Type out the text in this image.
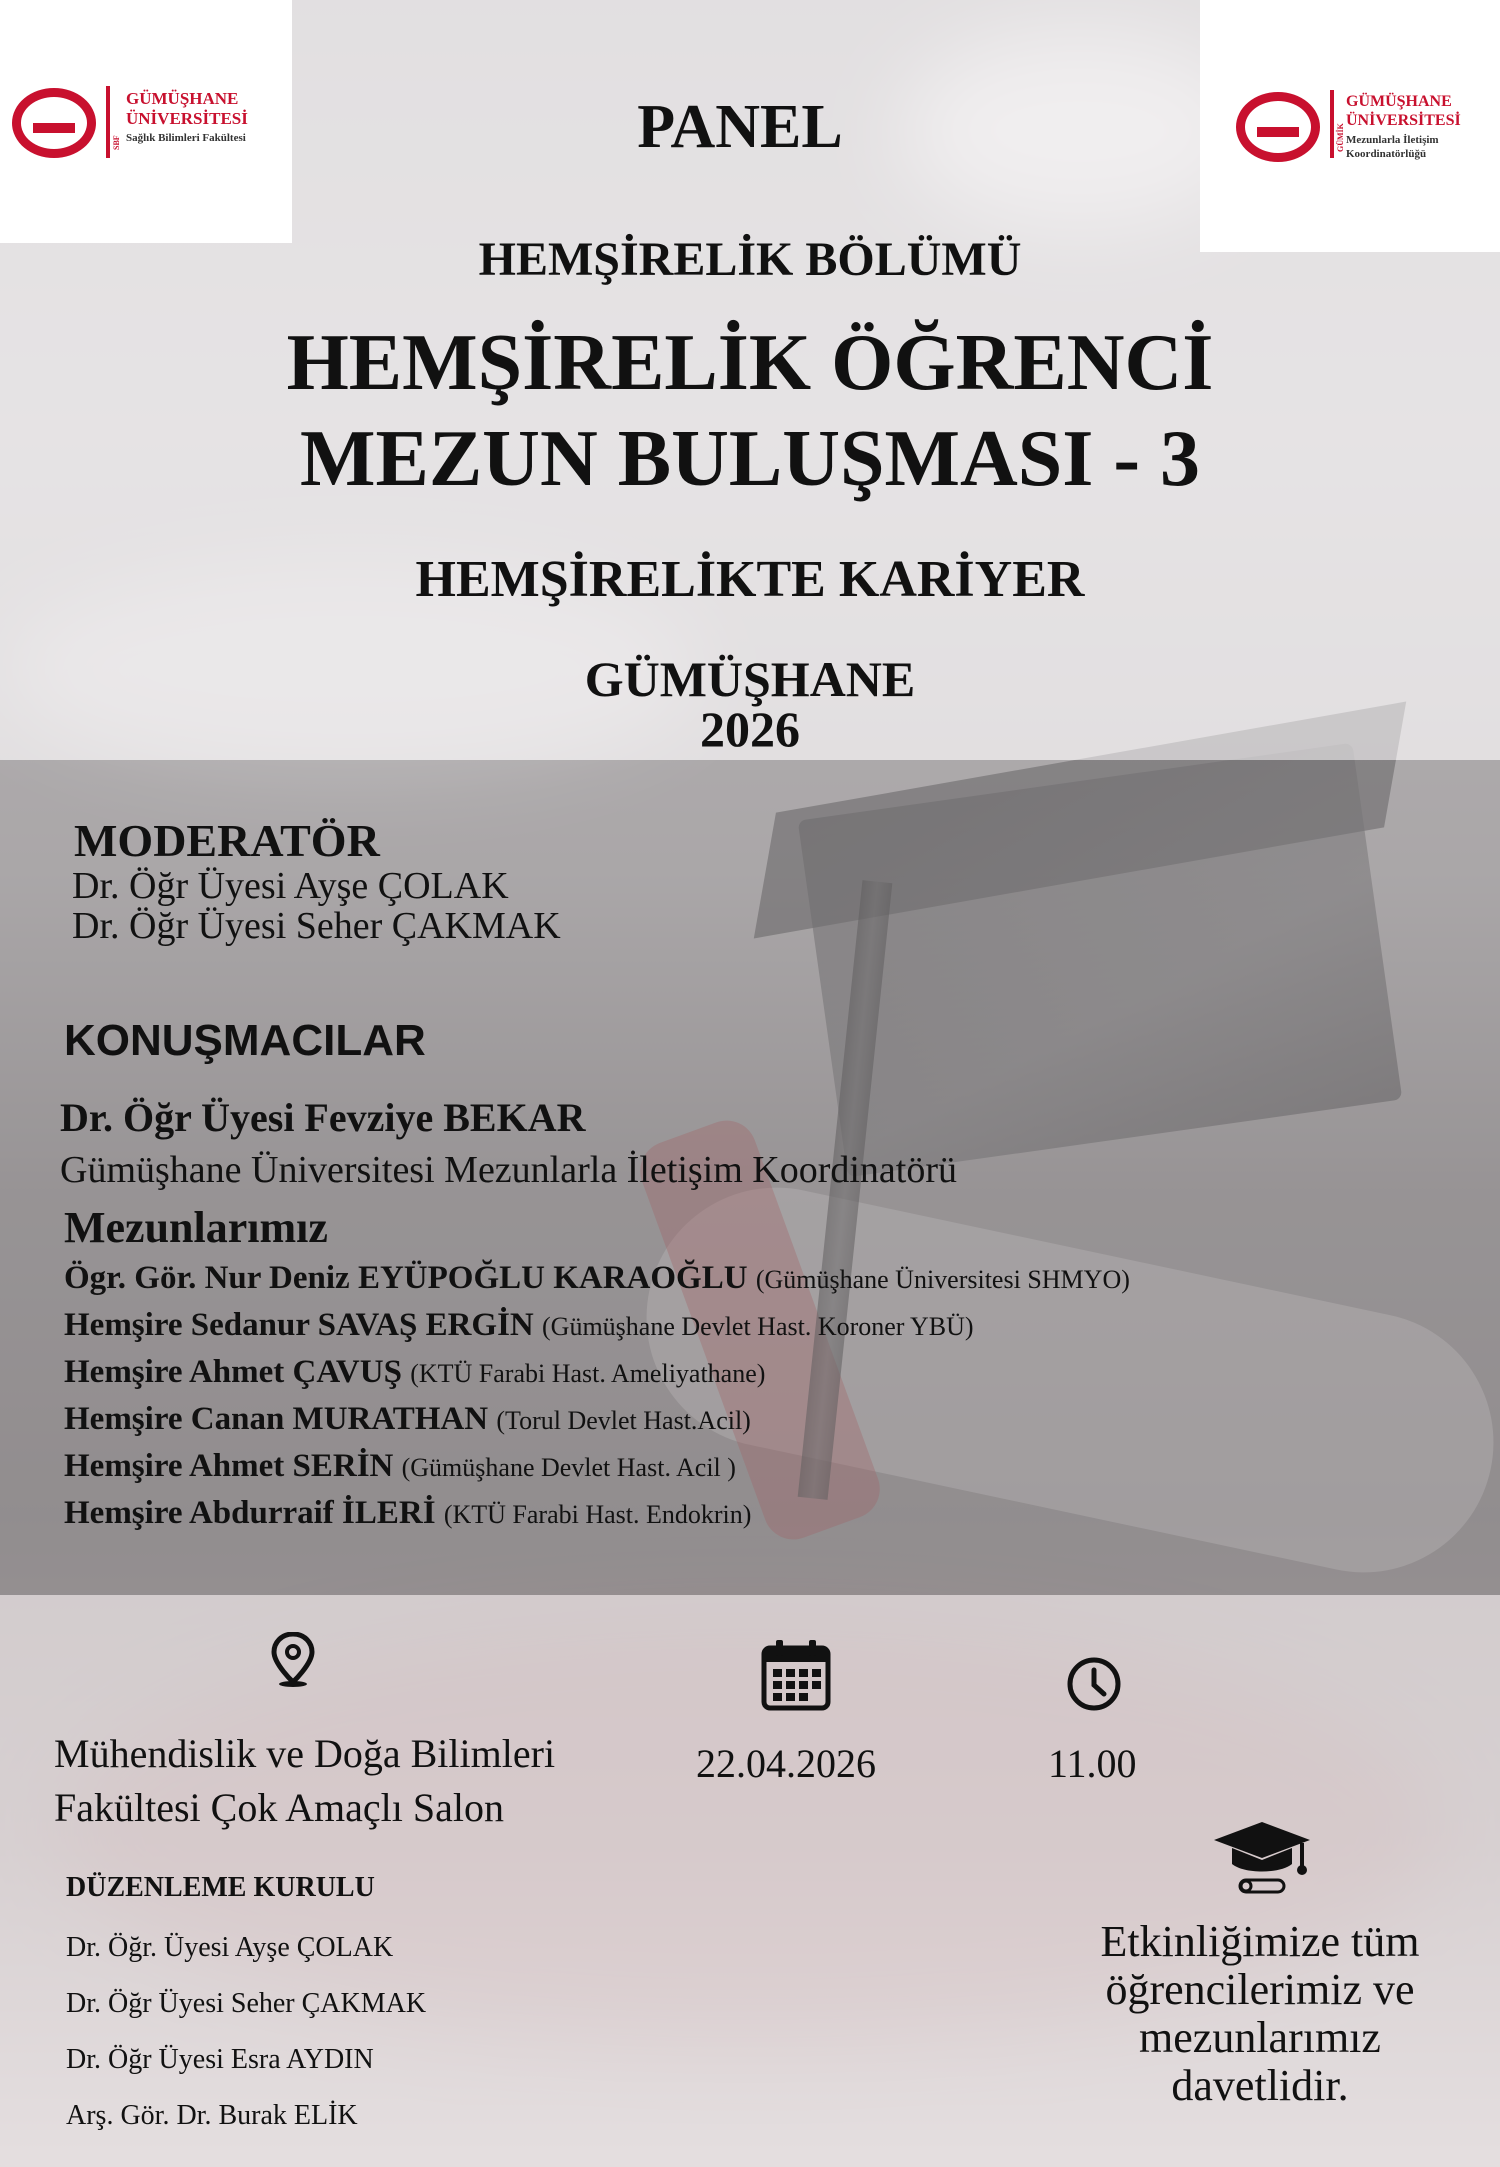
SBF
GÜMÜŞHANE
ÜNİVERSİTESİ
Sağlık Bilimleri Fakültesi	GÜMİK
GÜMÜŞHANE
ÜNİVERSİTESİ
Mezunlarla İletişim
Koordinatörlüğü
PANEL
HEMŞİRELİK BÖLÜMÜ
HEMŞİRELİK ÖĞRENCİ
MEZUN BULUŞMASI - 3
HEMŞİRELİKTE KARİYER
GÜMÜŞHANE
2026
MODERATÖR
Dr. Öğr Üyesi Ayşe ÇOLAK
Dr. Öğr Üyesi Seher ÇAKMAK
KONUŞMACILAR
Dr. Öğr Üyesi Fevziye BEKAR
Gümüşhane Üniversitesi Mezunlarla İletişim Koordinatörü
Mezunlarımız
Ögr. Gör. Nur Deniz EYÜPOĞLU KARAOĞLU (Gümüşhane Üniversitesi SHMYO)
Hemşire Sedanur SAVAŞ ERGİN (Gümüşhane Devlet Hast. Koroner YBÜ)
Hemşire Ahmet ÇAVUŞ (KTÜ Farabi Hast. Ameliyathane)
Hemşire Canan MURATHAN (Torul Devlet Hast.Acil)
Hemşire Ahmet SERİN (Gümüşhane Devlet Hast. Acil )
Hemşire Abdurraif İLERİ (KTÜ Farabi Hast. Endokrin)
Mühendislik ve Doğa Bilimleri
Fakültesi Çok Amaçlı Salon
22.04.2026	11.00
DÜZENLEME KURULU
Dr. Öğr. Üyesi Ayşe ÇOLAK
Dr. Öğr Üyesi Seher ÇAKMAK
Dr. Öğr Üyesi Esra AYDIN
Arş. Gör. Dr. Burak ELİK
Etkinliğimize tüm
öğrencilerimiz ve
mezunlarımız
davetlidir.
